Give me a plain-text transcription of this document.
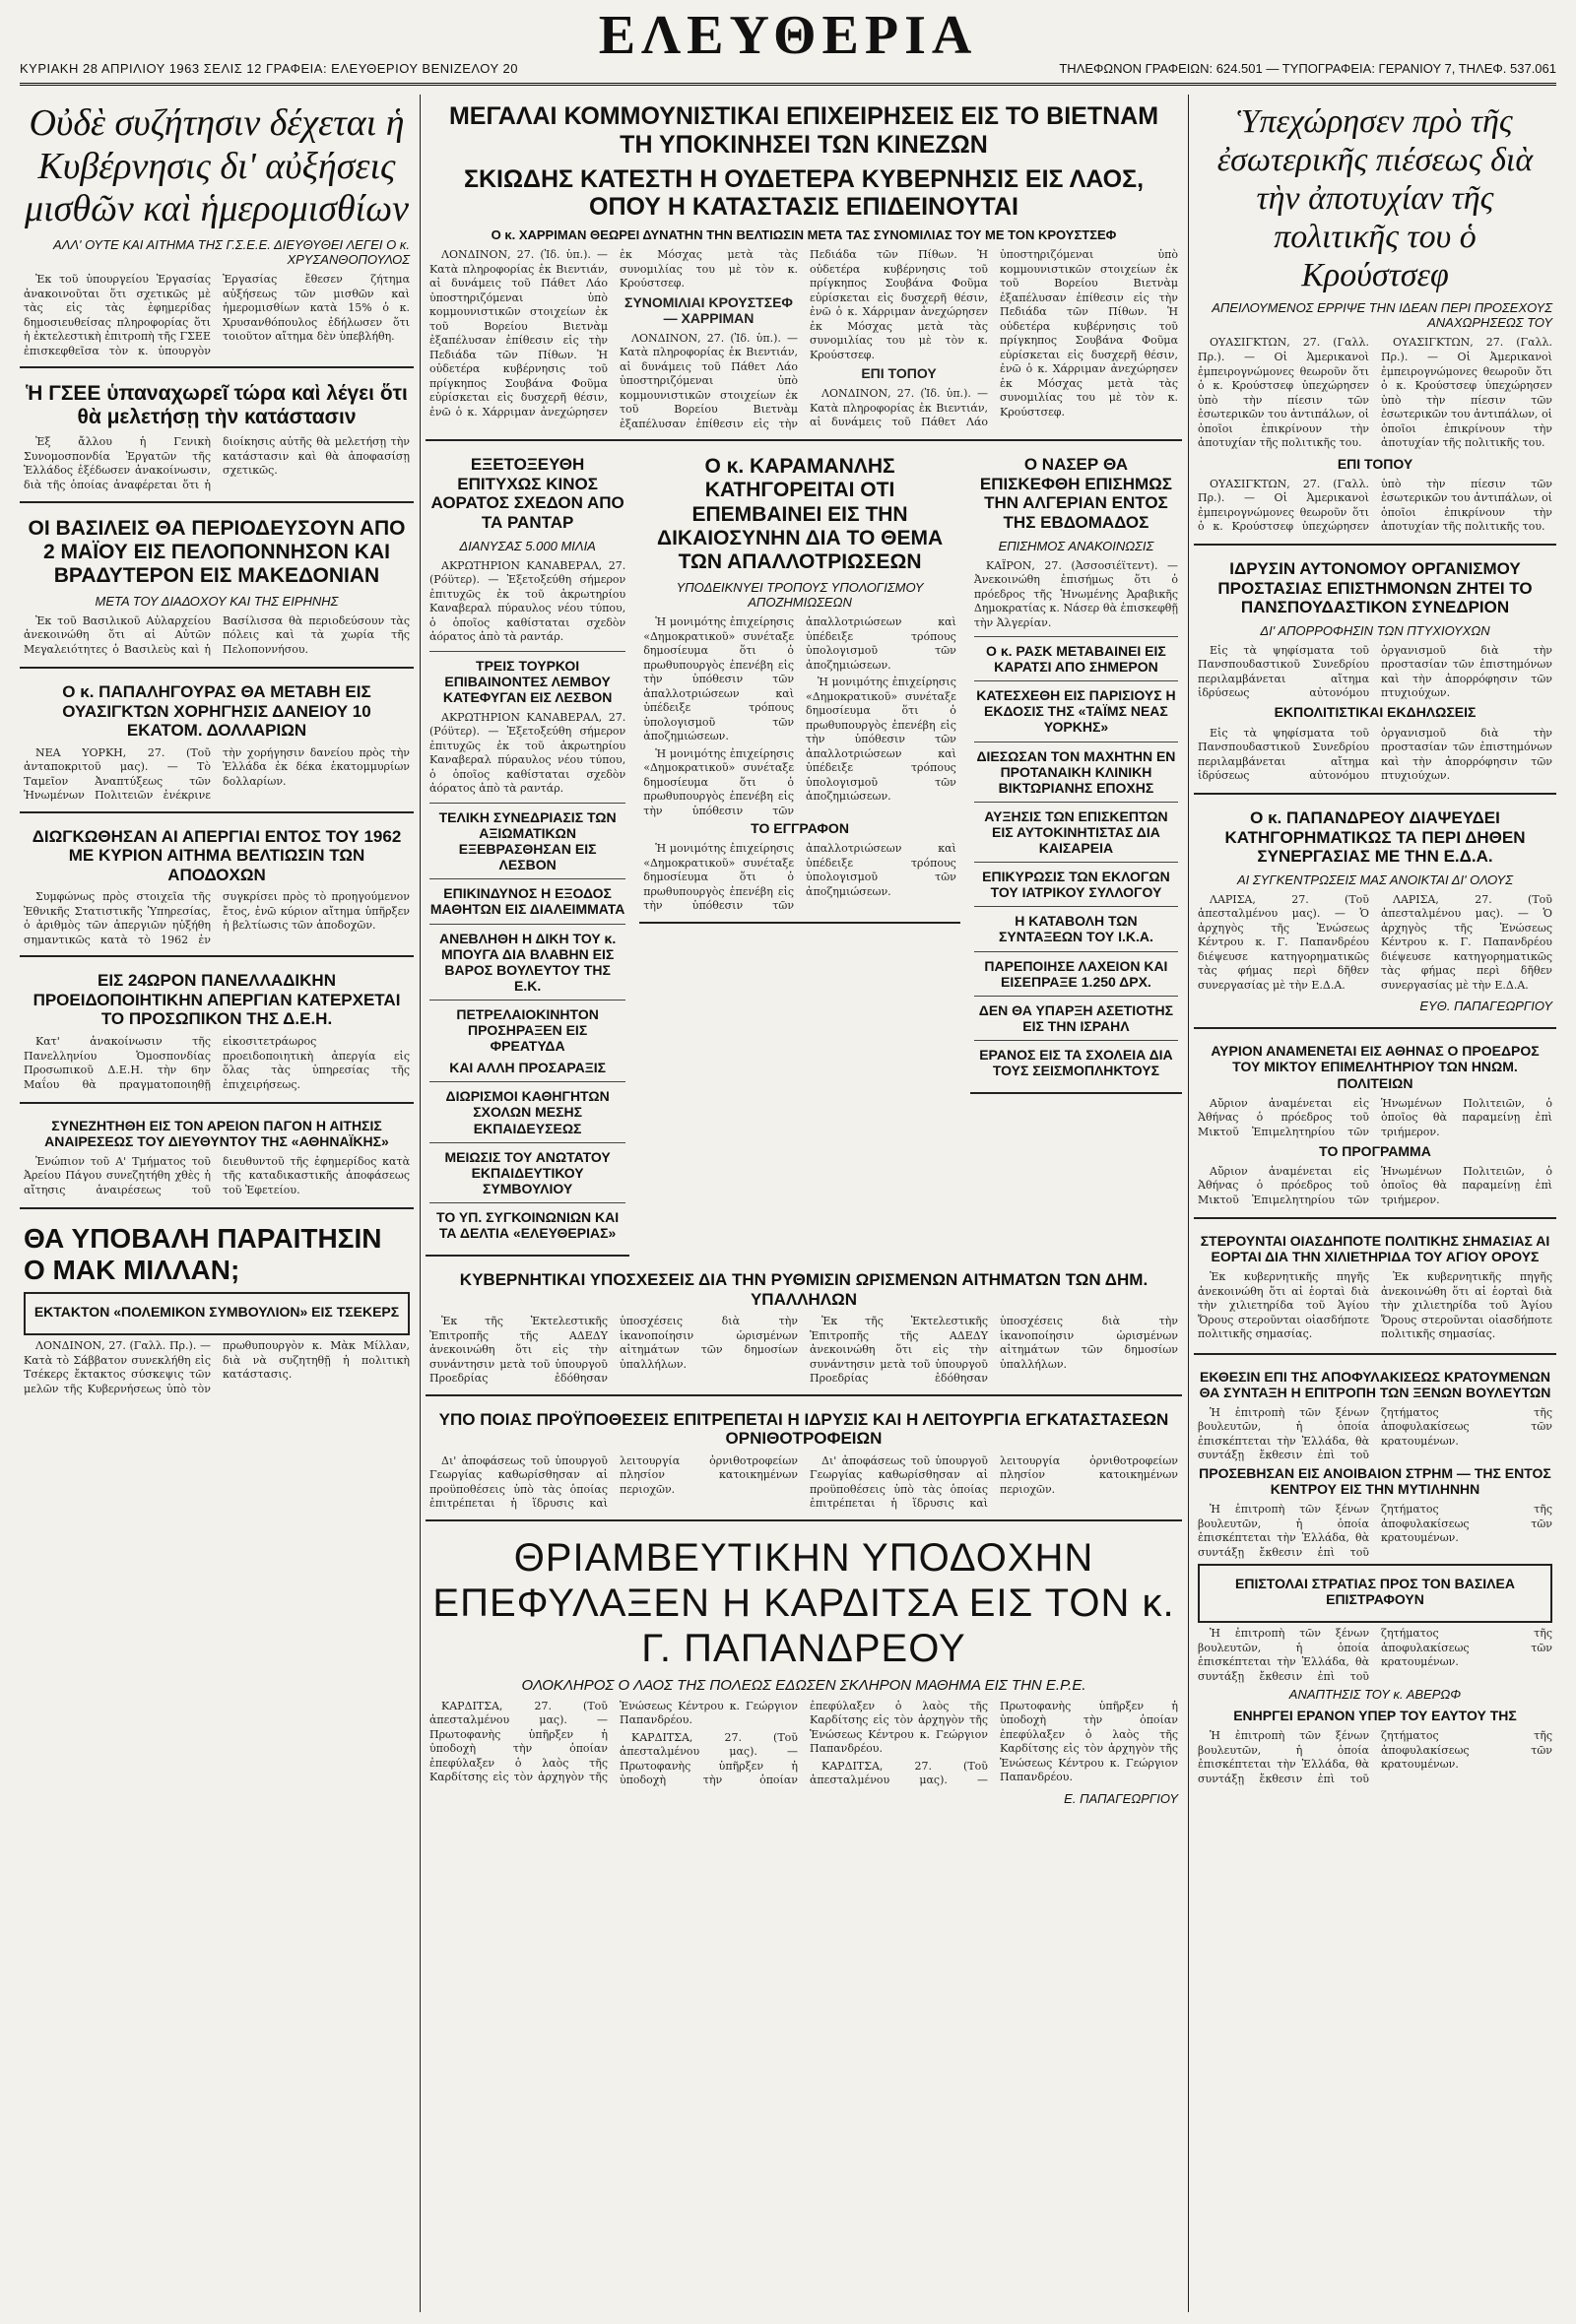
ΕΛΕΥΘΕΡΙΑ
ΚΥΡΙΑΚΗ 28 ΑΠΡΙΛΙΟΥ 1963 ΣΕΛΙΣ 12 ΓΡΑΦΕΙΑ: ΕΛΕΥΘΕΡΙΟΥ ΒΕΝΙΖΕΛΟΥ 20	ΤΗΛΕΦΩΝΟΝ ΓΡΑΦΕΙΩΝ: 624.501 — ΤΥΠΟΓΡΑΦΕΙΑ: ΓΕΡΑΝΙΟΥ 7, ΤΗΛΕΦ. 537.061
Οὐδὲ συζήτησιν δέχεται ἡ Κυβέρνησις δι' αὐξήσεις μισθῶν καὶ ἡμερομισθίων
ΑΛΛ' ΟΥΤΕ ΚΑΙ ΑΙΤΗΜΑ ΤΗΣ Γ.Σ.Ε.Ε. ΔΙΕΥΘΥΘΕΙ ΛΕΓΕΙ Ο κ. ΧΡΥΣΑΝΘΟΠΟΥΛΟΣ

Ἐκ τοῦ ὑπουργείου Ἐργασίας ἀνακοινοῦται ὅτι σχετικῶς μὲ τὰς εἰς τὰς ἐφημερίδας δημοσιευθείσας πληροφορίας ὅτι ἡ ἐκτελεστικὴ ἐπιτροπὴ τῆς ΓΣΕΕ ἐπισκεφθεῖσα τὸν κ. ὑπουργὸν Ἐργασίας ἔθεσεν ζήτημα αὐξήσεως τῶν μισθῶν καὶ ἡμερομισθίων κατὰ 15% ὁ κ. Χρυσανθόπουλος ἐδήλωσεν ὅτι τοιοῦτον αἴτημα δὲν ὑπεβλήθη.

Ἡ ΓΣΕΕ ὑπαναχωρεῖ τώρα καὶ λέγει ὅτι θὰ μελετήσῃ τὴν κατάστασιν

Ἐξ ἄλλου ἡ Γενικὴ Συνομοσπονδία Ἐργατῶν τῆς Ἑλλάδος ἐξέδωσεν ἀνακοίνωσιν, διὰ τῆς ὁποίας ἀναφέρεται ὅτι ἡ διοίκησις αὐτῆς θὰ μελετήσῃ τὴν κατάστασιν καὶ θὰ ἀποφασίσῃ σχετικῶς.

ΟΙ ΒΑΣΙΛΕΙΣ ΘΑ ΠΕΡΙΟΔΕΥΣΟΥΝ ΑΠΟ 2 ΜΑΪΟΥ ΕΙΣ ΠΕΛΟΠΟΝΝΗΣΟΝ ΚΑΙ ΒΡΑΔΥΤΕΡΟΝ ΕΙΣ ΜΑΚΕΔΟΝΙΑΝ
ΜΕΤΑ ΤΟΥ ΔΙΑΔΟΧΟΥ ΚΑΙ ΤΗΣ ΕΙΡΗΝΗΣ

Ἐκ τοῦ Βασιλικοῦ Αὐλαρχείου ἀνεκοινώθη ὅτι αἱ Αὐτῶν Μεγαλειότητες ὁ Βασιλεὺς καὶ ἡ Βασίλισσα θὰ περιοδεύσουν τὰς πόλεις καὶ τὰ χωρία τῆς Πελοποννήσου.

Ο κ. ΠΑΠΑΛΗΓΟΥΡΑΣ ΘΑ ΜΕΤΑΒΗ ΕΙΣ ΟΥΑΣΙΓΚΤΩΝ ΧΟΡΗΓΗΣΙΣ ΔΑΝΕΙΟΥ 10 ΕΚΑΤΟΜ. ΔΟΛΛΑΡΙΩΝ

ΝΕΑ ΥΟΡΚΗ, 27. (Τοῦ ἀνταποκριτοῦ μας). — Τὸ Ταμεῖον Ἀναπτύξεως τῶν Ἡνωμένων Πολιτειῶν ἐνέκρινε τὴν χορήγησιν δανείου πρὸς τὴν Ἑλλάδα ἐκ δέκα ἑκατομμυρίων δολλαρίων.

ΔΙΩΓΚΩΘΗΣΑΝ ΑΙ ΑΠΕΡΓΙΑΙ ΕΝΤΟΣ ΤΟΥ 1962 ΜΕ ΚΥΡΙΟΝ ΑΙΤΗΜΑ ΒΕΛΤΙΩΣΙΝ ΤΩΝ ΑΠΟΔΟΧΩΝ

Συμφώνως πρὸς στοιχεῖα τῆς Ἐθνικῆς Στατιστικῆς Ὑπηρεσίας, ὁ ἀριθμὸς τῶν ἀπεργιῶν ηὐξήθη σημαντικῶς κατὰ τὸ 1962 ἐν συγκρίσει πρὸς τὸ προηγούμενον ἔτος, ἐνῶ κύριον αἴτημα ὑπῆρξεν ἡ βελτίωσις τῶν ἀποδοχῶν.

ΕΙΣ 24ΩΡΟΝ ΠΑΝΕΛΛΑΔΙΚΗΝ ΠΡΟΕΙΔΟΠΟΙΗΤΙΚΗΝ ΑΠΕΡΓΙΑΝ ΚΑΤΕΡΧΕΤΑΙ ΤΟ ΠΡΟΣΩΠΙΚΟΝ ΤΗΣ Δ.Ε.Η.

Κατ' ἀνακοίνωσιν τῆς Πανελληνίου Ὁμοσπονδίας Προσωπικοῦ Δ.Ε.Η. τὴν 6ην Μαΐου θὰ πραγματοποιηθῇ εἰκοσιτετράωρος προειδοποιητικὴ ἀπεργία εἰς ὅλας τὰς ὑπηρεσίας τῆς ἐπιχειρήσεως.

ΣΥΝΕΖΗΤΗΘΗ ΕΙΣ ΤΟΝ ΑΡΕΙΟΝ ΠΑΓΟΝ Η ΑΙΤΗΣΙΣ ΑΝΑΙΡΕΣΕΩΣ ΤΟΥ ΔΙΕΥΘΥΝΤΟΥ ΤΗΣ «ΑΘΗΝΑΪΚΗΣ»

Ἐνώπιον τοῦ Α' Τμήματος τοῦ Ἀρείου Πάγου συνεζητήθη χθὲς ἡ αἴτησις ἀναιρέσεως τοῦ διευθυντοῦ τῆς ἐφημερίδος κατὰ τῆς καταδικαστικῆς ἀποφάσεως τοῦ Ἐφετείου.

ΘΑ ΥΠΟΒΑΛΗ ΠΑΡΑΙΤΗΣΙΝ Ο ΜΑΚ ΜΙΛΛΑΝ;
ΕΚΤΑΚΤΟΝ «ΠΟΛΕΜΙΚΟΝ ΣΥΜΒΟΥΛΙΟΝ» ΕΙΣ ΤΣΕΚΕΡΣ

ΛΟΝΔΙΝΟΝ, 27. (Γαλλ. Πρ.). — Κατὰ τὸ Σάββατον συνεκλήθη εἰς Τσέκερς ἔκτακτος σύσκεψις τῶν μελῶν τῆς Κυβερνήσεως ὑπὸ τὸν πρωθυπουργὸν κ. Μὰκ Μίλλαν, διὰ νὰ συζητηθῇ ἡ πολιτικὴ κατάστασις.

ΜΕΓΑΛΑΙ ΚΟΜΜΟΥΝΙΣΤΙΚΑΙ ΕΠΙΧΕΙΡΗΣΕΙΣ ΕΙΣ ΤΟ ΒΙΕΤΝΑΜ ΤΗ ΥΠΟΚΙΝΗΣΕΙ ΤΩΝ ΚΙΝΕΖΩΝ
ΣΚΙΩΔΗΣ ΚΑΤΕΣΤΗ Η ΟΥΔΕΤΕΡΑ ΚΥΒΕΡΝΗΣΙΣ ΕΙΣ ΛΑΟΣ, ΟΠΟΥ Η ΚΑΤΑΣΤΑΣΙΣ ΕΠΙΔΕΙΝΟΥΤΑΙ
Ο κ. ΧΑΡΡΙΜΑΝ ΘΕΩΡΕΙ ΔΥΝΑΤΗΝ ΤΗΝ ΒΕΛΤΙΩΣΙΝ ΜΕΤΑ ΤΑΣ ΣΥΝΟΜΙΛΙΑΣ ΤΟΥ ΜΕ ΤΟΝ ΚΡΟΥΣΤΣΕΦ

ΛΟΝΔΙΝΟΝ, 27. (Ἰδ. ὑπ.). — Κατὰ πληροφορίας ἐκ Βιεντιάν, αἱ δυνάμεις τοῦ Πάθετ Λάο ὑποστηριζόμεναι ὑπὸ κομμουνιστικῶν στοιχείων ἐκ τοῦ Βορείου Βιετνὰμ ἐξαπέλυσαν ἐπίθεσιν εἰς τὴν Πεδιάδα τῶν Πίθων. Ἡ οὐδετέρα κυβέρνησις τοῦ πρίγκηπος Σουβάνα Φοῦμα εὑρίσκεται εἰς δυσχερῆ θέσιν, ἐνῶ ὁ κ. Χάρριμαν ἀνεχώρησεν ἐκ Μόσχας μετὰ τὰς συνομιλίας του μὲ τὸν κ. Κρούστσεφ.

ΣΥΝΟΜΙΛΙΑΙ ΚΡΟΥΣΤΣΕΦ — ΧΑΡΡΙΜΑΝ

ΛΟΝΔΙΝΟΝ, 27. (Ἰδ. ὑπ.). — Κατὰ πληροφορίας ἐκ Βιεντιάν, αἱ δυνάμεις τοῦ Πάθετ Λάο ὑποστηριζόμεναι ὑπὸ κομμουνιστικῶν στοιχείων ἐκ τοῦ Βορείου Βιετνὰμ ἐξαπέλυσαν ἐπίθεσιν εἰς τὴν Πεδιάδα τῶν Πίθων. Ἡ οὐδετέρα κυβέρνησις τοῦ πρίγκηπος Σουβάνα Φοῦμα εὑρίσκεται εἰς δυσχερῆ θέσιν, ἐνῶ ὁ κ. Χάρριμαν ἀνεχώρησεν ἐκ Μόσχας μετὰ τὰς συνομιλίας του μὲ τὸν κ. Κρούστσεφ.

ΕΠΙ ΤΟΠΟΥ

ΛΟΝΔΙΝΟΝ, 27. (Ἰδ. ὑπ.). — Κατὰ πληροφορίας ἐκ Βιεντιάν, αἱ δυνάμεις τοῦ Πάθετ Λάο ὑποστηριζόμεναι ὑπὸ κομμουνιστικῶν στοιχείων ἐκ τοῦ Βορείου Βιετνὰμ ἐξαπέλυσαν ἐπίθεσιν εἰς τὴν Πεδιάδα τῶν Πίθων. Ἡ οὐδετέρα κυβέρνησις τοῦ πρίγκηπος Σουβάνα Φοῦμα εὑρίσκεται εἰς δυσχερῆ θέσιν, ἐνῶ ὁ κ. Χάρριμαν ἀνεχώρησεν ἐκ Μόσχας μετὰ τὰς συνομιλίας του μὲ τὸν κ. Κρούστσεφ.

ΕΞΕΤΟΞΕΥΘΗ ΕΠΙΤΥΧΩΣ ΚΙΝΟΣ ΑΟΡΑΤΟΣ ΣΧΕΔΟΝ ΑΠΟ ΤΑ ΡΑΝΤΑΡ
ΔΙΑΝΥΣΑΣ 5.000 ΜΙΛΙΑ

ΑΚΡΩΤΗΡΙΟΝ ΚΑΝΑΒΕΡΑΛ, 27. (Ρόϋτερ). — Ἐξετοξεύθη σήμερον ἐπιτυχῶς ἐκ τοῦ ἀκρωτηρίου Καναβεραλ πύραυλος νέου τύπου, ὁ ὁποῖος καθίσταται σχεδὸν ἀόρατος ἀπὸ τὰ ραντάρ.

ΤΡΕΙΣ ΤΟΥΡΚΟΙ ΕΠΙΒΑΙΝΟΝΤΕΣ ΛΕΜΒΟΥ ΚΑΤΕΦΥΓΑΝ ΕΙΣ ΛΕΣΒΟΝ

ΑΚΡΩΤΗΡΙΟΝ ΚΑΝΑΒΕΡΑΛ, 27. (Ρόϋτερ). — Ἐξετοξεύθη σήμερον ἐπιτυχῶς ἐκ τοῦ ἀκρωτηρίου Καναβεραλ πύραυλος νέου τύπου, ὁ ὁποῖος καθίσταται σχεδὸν ἀόρατος ἀπὸ τὰ ραντάρ.

ΤΕΛΙΚΗ ΣΥΝΕΔΡΙΑΣΙΣ ΤΩΝ ΑΞΙΩΜΑΤΙΚΩΝ ΕΞΕΒΡΑΣΘΗΣΑΝ ΕΙΣ ΛΕΣΒΟΝ
ΕΠΙΚΙΝΔΥΝΟΣ Η ΕΞΟΔΟΣ ΜΑΘΗΤΩΝ ΕΙΣ ΔΙΑΛΕΙΜΜΑΤΑ
ΑΝΕΒΛΗΘΗ Η ΔΙΚΗ ΤΟΥ κ. ΜΠΟΥΓΑ ΔΙΑ ΒΛΑΒΗΝ ΕΙΣ ΒΑΡΟΣ ΒΟΥΛΕΥΤΟΥ ΤΗΣ Ε.Κ.
ΠΕΤΡΕΛΑΙΟΚΙΝΗΤΟΝ ΠΡΟΣΗΡΑΞΕΝ ΕΙΣ ΦΡΕΑΤΥΔΑ
ΚΑΙ ΑΛΛΗ ΠΡΟΣΑΡΑΞΙΣ
ΔΙΩΡΙΣΜΟΙ ΚΑΘΗΓΗΤΩΝ ΣΧΟΛΩΝ ΜΕΣΗΣ ΕΚΠΑΙΔΕΥΣΕΩΣ
ΜΕΙΩΣΙΣ ΤΟΥ ΑΝΩΤΑΤΟΥ ΕΚΠΑΙΔΕΥΤΙΚΟΥ ΣΥΜΒΟΥΛΙΟΥ
ΤΟ ΥΠ. ΣΥΓΚΟΙΝΩΝΙΩΝ ΚΑΙ ΤΑ ΔΕΛΤΙΑ «ΕΛΕΥΘΕΡΙΑΣ»
Ο κ. ΚΑΡΑΜΑΝΛΗΣ ΚΑΤΗΓΟΡΕΙΤΑΙ ΟΤΙ ΕΠΕΜΒΑΙΝΕΙ ΕΙΣ ΤΗΝ ΔΙΚΑΙΟΣΥΝΗΝ ΔΙΑ ΤΟ ΘΕΜΑ ΤΩΝ ΑΠΑΛΛΟΤΡΙΩΣΕΩΝ
ΥΠΟΔΕΙΚΝΥΕΙ ΤΡΟΠΟΥΣ ΥΠΟΛΟΓΙΣΜΟΥ ΑΠΟΖΗΜΙΩΣΕΩΝ

Ἡ μονιμότης ἐπιχείρησις «Δημοκρατικοῦ» συνέταξε δημοσίευμα ὅτι ὁ πρωθυπουργὸς ἐπενέβη εἰς τὴν ὑπόθεσιν τῶν ἀπαλλοτριώσεων καὶ ὑπέδειξε τρόπους ὑπολογισμοῦ τῶν ἀποζημιώσεων.

Ἡ μονιμότης ἐπιχείρησις «Δημοκρατικοῦ» συνέταξε δημοσίευμα ὅτι ὁ πρωθυπουργὸς ἐπενέβη εἰς τὴν ὑπόθεσιν τῶν ἀπαλλοτριώσεων καὶ ὑπέδειξε τρόπους ὑπολογισμοῦ τῶν ἀποζημιώσεων.

Ἡ μονιμότης ἐπιχείρησις «Δημοκρατικοῦ» συνέταξε δημοσίευμα ὅτι ὁ πρωθυπουργὸς ἐπενέβη εἰς τὴν ὑπόθεσιν τῶν ἀπαλλοτριώσεων καὶ ὑπέδειξε τρόπους ὑπολογισμοῦ τῶν ἀποζημιώσεων.

ΤΟ ΕΓΓΡΑΦΟΝ

Ἡ μονιμότης ἐπιχείρησις «Δημοκρατικοῦ» συνέταξε δημοσίευμα ὅτι ὁ πρωθυπουργὸς ἐπενέβη εἰς τὴν ὑπόθεσιν τῶν ἀπαλλοτριώσεων καὶ ὑπέδειξε τρόπους ὑπολογισμοῦ τῶν ἀποζημιώσεων.

Ο ΝΑΣΕΡ ΘΑ ΕΠΙΣΚΕΦΘΗ ΕΠΙΣΗΜΩΣ ΤΗΝ ΑΛΓΕΡΙΑΝ ΕΝΤΟΣ ΤΗΣ ΕΒΔΟΜΑΔΟΣ
ΕΠΙΣΗΜΟΣ ΑΝΑΚΟΙΝΩΣΙΣ

ΚΑΪΡΟΝ, 27. (Ἀσσοσιέϊτεντ). — Ἀνεκοινώθη ἐπισήμως ὅτι ὁ πρόεδρος τῆς Ἡνωμένης Ἀραβικῆς Δημοκρατίας κ. Νάσερ θὰ ἐπισκεφθῇ τὴν Ἀλγερίαν.

Ο κ. ΡΑΣΚ ΜΕΤΑΒΑΙΝΕΙ ΕΙΣ ΚΑΡΑΤΣΙ ΑΠΟ ΣΗΜΕΡΟΝ
ΚΑΤΕΣΧΕΘΗ ΕΙΣ ΠΑΡΙΣΙΟΥΣ Η ΕΚΔΟΣΙΣ ΤΗΣ «ΤΑΪΜΣ ΝΕΑΣ ΥΟΡΚΗΣ»
ΔΙΕΣΩΣΑΝ ΤΟΝ ΜΑΧΗΤΗΝ ΕΝ ΠΡΟΤΑΝΑΙΚΗ ΚΛΙΝΙΚΗ ΒΙΚΤΩΡΙΑΝΗΣ ΕΠΟΧΗΣ
ΑΥΞΗΣΙΣ ΤΩΝ ΕΠΙΣΚΕΠΤΩΝ ΕΙΣ ΑΥΤΟΚΙΝΗΤΙΣΤΑΣ ΔΙΑ ΚΑΙΣΑΡΕΙΑ
ΕΠΙΚΥΡΩΣΙΣ ΤΩΝ ΕΚΛΟΓΩΝ ΤΟΥ ΙΑΤΡΙΚΟΥ ΣΥΛΛΟΓΟΥ
Η ΚΑΤΑΒΟΛΗ ΤΩΝ ΣΥΝΤΑΞΕΩΝ ΤΟΥ Ι.Κ.Α.
ΠΑΡΕΠΟΙΗΣΕ ΛΑΧΕΙΟΝ ΚΑΙ ΕΙΣΕΠΡΑΞΕ 1.250 ΔΡΧ.
ΔΕΝ ΘΑ ΥΠΑΡΞΗ ΑΣΕΤΙΟΤΗΣ ΕΙΣ ΤΗΝ ΙΣΡΑΗΛ
ΕΡΑΝΟΣ ΕΙΣ ΤΑ ΣΧΟΛΕΙΑ ΔΙΑ ΤΟΥΣ ΣΕΙΣΜΟΠΛΗΚΤΟΥΣ
ΚΥΒΕΡΝΗΤΙΚΑΙ ΥΠΟΣΧΕΣΕΙΣ ΔΙΑ ΤΗΝ ΡΥΘΜΙΣΙΝ ΩΡΙΣΜΕΝΩΝ ΑΙΤΗΜΑΤΩΝ ΤΩΝ ΔΗΜ. ΥΠΑΛΛΗΛΩΝ

Ἐκ τῆς Ἐκτελεστικῆς Ἐπιτροπῆς τῆς ΑΔΕΔΥ ἀνεκοινώθη ὅτι εἰς τὴν συνάντησιν μετὰ τοῦ ὑπουργοῦ Προεδρίας ἐδόθησαν ὑποσχέσεις διὰ τὴν ἱκανοποίησιν ὡρισμένων αἰτημάτων τῶν δημοσίων ὑπαλλήλων.

Ἐκ τῆς Ἐκτελεστικῆς Ἐπιτροπῆς τῆς ΑΔΕΔΥ ἀνεκοινώθη ὅτι εἰς τὴν συνάντησιν μετὰ τοῦ ὑπουργοῦ Προεδρίας ἐδόθησαν ὑποσχέσεις διὰ τὴν ἱκανοποίησιν ὡρισμένων αἰτημάτων τῶν δημοσίων ὑπαλλήλων.

ΥΠΟ ΠΟΙΑΣ ΠΡΟΫΠΟΘΕΣΕΙΣ ΕΠΙΤΡΕΠΕΤΑΙ Η ΙΔΡΥΣΙΣ ΚΑΙ Η ΛΕΙΤΟΥΡΓΙΑ ΕΓΚΑΤΑΣΤΑΣΕΩΝ ΟΡΝΙΘΟΤΡΟΦΕΙΩΝ

Δι' ἀποφάσεως τοῦ ὑπουργοῦ Γεωργίας καθωρίσθησαν αἱ προϋποθέσεις ὑπὸ τὰς ὁποίας ἐπιτρέπεται ἡ ἵδρυσις καὶ λειτουργία ὀρνιθοτροφείων πλησίον κατοικημένων περιοχῶν.

Δι' ἀποφάσεως τοῦ ὑπουργοῦ Γεωργίας καθωρίσθησαν αἱ προϋποθέσεις ὑπὸ τὰς ὁποίας ἐπιτρέπεται ἡ ἵδρυσις καὶ λειτουργία ὀρνιθοτροφείων πλησίον κατοικημένων περιοχῶν.

ΘΡΙΑΜΒΕΥΤΙΚΗΝ ΥΠΟΔΟΧΗΝ ΕΠΕΦΥΛΑΞΕΝ Η ΚΑΡΔΙΤΣΑ ΕΙΣ ΤΟΝ κ. Γ. ΠΑΠΑΝΔΡΕΟΥ
ΟΛΟΚΛΗΡΟΣ Ο ΛΑΟΣ ΤΗΣ ΠΟΛΕΩΣ ΕΔΩΣΕΝ ΣΚΛΗΡΟΝ ΜΑΘΗΜΑ ΕΙΣ ΤΗΝ Ε.Ρ.Ε.

ΚΑΡΔΙΤΣΑ, 27. (Τοῦ ἀπεσταλμένου μας). — Πρωτοφανὴς ὑπῆρξεν ἡ ὑποδοχὴ τὴν ὁποίαν ἐπεφύλαξεν ὁ λαὸς τῆς Καρδίτσης εἰς τὸν ἀρχηγὸν τῆς Ἑνώσεως Κέντρου κ. Γεώργιον Παπανδρέου.

ΚΑΡΔΙΤΣΑ, 27. (Τοῦ ἀπεσταλμένου μας). — Πρωτοφανὴς ὑπῆρξεν ἡ ὑποδοχὴ τὴν ὁποίαν ἐπεφύλαξεν ὁ λαὸς τῆς Καρδίτσης εἰς τὸν ἀρχηγὸν τῆς Ἑνώσεως Κέντρου κ. Γεώργιον Παπανδρέου.

ΚΑΡΔΙΤΣΑ, 27. (Τοῦ ἀπεσταλμένου μας). — Πρωτοφανὴς ὑπῆρξεν ἡ ὑποδοχὴ τὴν ὁποίαν ἐπεφύλαξεν ὁ λαὸς τῆς Καρδίτσης εἰς τὸν ἀρχηγὸν τῆς Ἑνώσεως Κέντρου κ. Γεώργιον Παπανδρέου.

Ε. ΠΑΠΑΓΕΩΡΓΙΟΥ
Ὑπεχώρησεν πρὸ τῆς ἐσωτερικῆς πιέσεως διὰ τὴν ἀποτυχίαν τῆς πολιτικῆς του ὁ Κρούστσεφ
ΑΠΕΙΛΟΥΜΕΝΟΣ ΕΡΡΙΨΕ ΤΗΝ ΙΔΕΑΝ ΠΕΡΙ ΠΡΟΣΕΧΟΥΣ ΑΝΑΧΩΡΗΣΕΩΣ ΤΟΥ

ΟΥΑΣΙΓΚΤΩΝ, 27. (Γαλλ. Πρ.). — Οἱ Ἀμερικανοὶ ἐμπειρογνώμονες θεωροῦν ὅτι ὁ κ. Κρούστσεφ ὑπεχώρησεν ὑπὸ τὴν πίεσιν τῶν ἐσωτερικῶν του ἀντιπάλων, οἱ ὁποῖοι ἐπικρίνουν τὴν ἀποτυχίαν τῆς πολιτικῆς του.

ΟΥΑΣΙΓΚΤΩΝ, 27. (Γαλλ. Πρ.). — Οἱ Ἀμερικανοὶ ἐμπειρογνώμονες θεωροῦν ὅτι ὁ κ. Κρούστσεφ ὑπεχώρησεν ὑπὸ τὴν πίεσιν τῶν ἐσωτερικῶν του ἀντιπάλων, οἱ ὁποῖοι ἐπικρίνουν τὴν ἀποτυχίαν τῆς πολιτικῆς του.

ΕΠΙ ΤΟΠΟΥ

ΟΥΑΣΙΓΚΤΩΝ, 27. (Γαλλ. Πρ.). — Οἱ Ἀμερικανοὶ ἐμπειρογνώμονες θεωροῦν ὅτι ὁ κ. Κρούστσεφ ὑπεχώρησεν ὑπὸ τὴν πίεσιν τῶν ἐσωτερικῶν του ἀντιπάλων, οἱ ὁποῖοι ἐπικρίνουν τὴν ἀποτυχίαν τῆς πολιτικῆς του.

ΙΔΡΥΣΙΝ ΑΥΤΟΝΟΜΟΥ ΟΡΓΑΝΙΣΜΟΥ ΠΡΟΣΤΑΣΙΑΣ ΕΠΙΣΤΗΜΟΝΩΝ ΖΗΤΕΙ ΤΟ ΠΑΝΣΠΟΥΔΑΣΤΙΚΟΝ ΣΥΝΕΔΡΙΟΝ
ΔΙ' ΑΠΟΡΡΟΦΗΣΙΝ ΤΩΝ ΠΤΥΧΙΟΥΧΩΝ

Εἰς τὰ ψηφίσματα τοῦ Πανσπουδαστικοῦ Συνεδρίου περιλαμβάνεται αἴτημα ἱδρύσεως αὐτονόμου ὀργανισμοῦ διὰ τὴν προστασίαν τῶν ἐπιστημόνων καὶ τὴν ἀπορρόφησιν τῶν πτυχιούχων.

ΕΚΠΟΛΙΤΙΣΤΙΚΑΙ ΕΚΔΗΛΩΣΕΙΣ

Εἰς τὰ ψηφίσματα τοῦ Πανσπουδαστικοῦ Συνεδρίου περιλαμβάνεται αἴτημα ἱδρύσεως αὐτονόμου ὀργανισμοῦ διὰ τὴν προστασίαν τῶν ἐπιστημόνων καὶ τὴν ἀπορρόφησιν τῶν πτυχιούχων.

Ο κ. ΠΑΠΑΝΔΡΕΟΥ ΔΙΑΨΕΥΔΕΙ ΚΑΤΗΓΟΡΗΜΑΤΙΚΩΣ ΤΑ ΠΕΡΙ ΔΗΘΕΝ ΣΥΝΕΡΓΑΣΙΑΣ ΜΕ ΤΗΝ Ε.Δ.Α.
ΑΙ ΣΥΓΚΕΝΤΡΩΣΕΙΣ ΜΑΣ ΑΝΟΙΚΤΑΙ ΔΙ' ΟΛΟΥΣ

ΛΑΡΙΣΑ, 27. (Τοῦ ἀπεσταλμένου μας). — Ὁ ἀρχηγὸς τῆς Ἑνώσεως Κέντρου κ. Γ. Παπανδρέου διέψευσε κατηγορηματικῶς τὰς φήμας περὶ δῆθεν συνεργασίας μὲ τὴν Ε.Δ.Α.

ΛΑΡΙΣΑ, 27. (Τοῦ ἀπεσταλμένου μας). — Ὁ ἀρχηγὸς τῆς Ἑνώσεως Κέντρου κ. Γ. Παπανδρέου διέψευσε κατηγορηματικῶς τὰς φήμας περὶ δῆθεν συνεργασίας μὲ τὴν Ε.Δ.Α.

ΕΥΘ. ΠΑΠΑΓΕΩΡΓΙΟΥ
ΑΥΡΙΟΝ ΑΝΑΜΕΝΕΤΑΙ ΕΙΣ ΑΘΗΝΑΣ Ο ΠΡΟΕΔΡΟΣ ΤΟΥ ΜΙΚΤΟΥ ΕΠΙΜΕΛΗΤΗΡΙΟΥ ΤΩΝ ΗΝΩΜ. ΠΟΛΙΤΕΙΩΝ

Αὔριον ἀναμένεται εἰς Ἀθήνας ὁ πρόεδρος τοῦ Μικτοῦ Ἐπιμελητηρίου τῶν Ἡνωμένων Πολιτειῶν, ὁ ὁποῖος θὰ παραμείνῃ ἐπὶ τριήμερον.

ΤΟ ΠΡΟΓΡΑΜΜΑ

Αὔριον ἀναμένεται εἰς Ἀθήνας ὁ πρόεδρος τοῦ Μικτοῦ Ἐπιμελητηρίου τῶν Ἡνωμένων Πολιτειῶν, ὁ ὁποῖος θὰ παραμείνῃ ἐπὶ τριήμερον.

ΣΤΕΡΟΥΝΤΑΙ ΟΙΑΣΔΗΠΟΤΕ ΠΟΛΙΤΙΚΗΣ ΣΗΜΑΣΙΑΣ ΑΙ ΕΟΡΤΑΙ ΔΙΑ ΤΗΝ ΧΙΛΙΕΤΗΡΙΔΑ ΤΟΥ ΑΓΙΟΥ ΟΡΟΥΣ

Ἐκ κυβερνητικῆς πηγῆς ἀνεκοινώθη ὅτι αἱ ἑορταὶ διὰ τὴν χιλιετηρίδα τοῦ Ἁγίου Ὄρους στεροῦνται οἱασδήποτε πολιτικῆς σημασίας.

Ἐκ κυβερνητικῆς πηγῆς ἀνεκοινώθη ὅτι αἱ ἑορταὶ διὰ τὴν χιλιετηρίδα τοῦ Ἁγίου Ὄρους στεροῦνται οἱασδήποτε πολιτικῆς σημασίας.

ΕΚΘΕΣΙΝ ΕΠΙ ΤΗΣ ΑΠΟΦΥΛΑΚΙΣΕΩΣ ΚΡΑΤΟΥΜΕΝΩΝ ΘΑ ΣΥΝΤΑΞΗ Η ΕΠΙΤΡΟΠΗ ΤΩΝ ΞΕΝΩΝ ΒΟΥΛΕΥΤΩΝ

Ἡ ἐπιτροπὴ τῶν ξένων βουλευτῶν, ἡ ὁποία ἐπισκέπτεται τὴν Ἑλλάδα, θὰ συντάξῃ ἔκθεσιν ἐπὶ τοῦ ζητήματος τῆς ἀποφυλακίσεως τῶν κρατουμένων.

ΠΡΟΣΕΒΗΣΑΝ ΕΙΣ ΑΝΟΙΒΑΙΟΝ ΣΤΡΗΜ — ΤΗΣ ΕΝΤΟΣ ΚΕΝΤΡΟΥ ΕΙΣ ΤΗΝ ΜΥΤΙΛΗΝΗΝ

Ἡ ἐπιτροπὴ τῶν ξένων βουλευτῶν, ἡ ὁποία ἐπισκέπτεται τὴν Ἑλλάδα, θὰ συντάξῃ ἔκθεσιν ἐπὶ τοῦ ζητήματος τῆς ἀποφυλακίσεως τῶν κρατουμένων.

ΕΠΙΣΤΟΛΑΙ ΣΤΡΑΤΙΑΣ ΠΡΟΣ ΤΟΝ ΒΑΣΙΛΕΑ ΕΠΙΣΤΡΑΦΟΥΝ

Ἡ ἐπιτροπὴ τῶν ξένων βουλευτῶν, ἡ ὁποία ἐπισκέπτεται τὴν Ἑλλάδα, θὰ συντάξῃ ἔκθεσιν ἐπὶ τοῦ ζητήματος τῆς ἀποφυλακίσεως τῶν κρατουμένων.

ΑΝΑΠΤΗΣΙΣ ΤΟΥ κ. ΑΒΕΡΩΦ
ΕΝΗΡΓΕΙ ΕΡΑΝΟΝ ΥΠΕΡ ΤΟΥ ΕΑΥΤΟΥ ΤΗΣ

Ἡ ἐπιτροπὴ τῶν ξένων βουλευτῶν, ἡ ὁποία ἐπισκέπτεται τὴν Ἑλλάδα, θὰ συντάξῃ ἔκθεσιν ἐπὶ τοῦ ζητήματος τῆς ἀποφυλακίσεως τῶν κρατουμένων.
